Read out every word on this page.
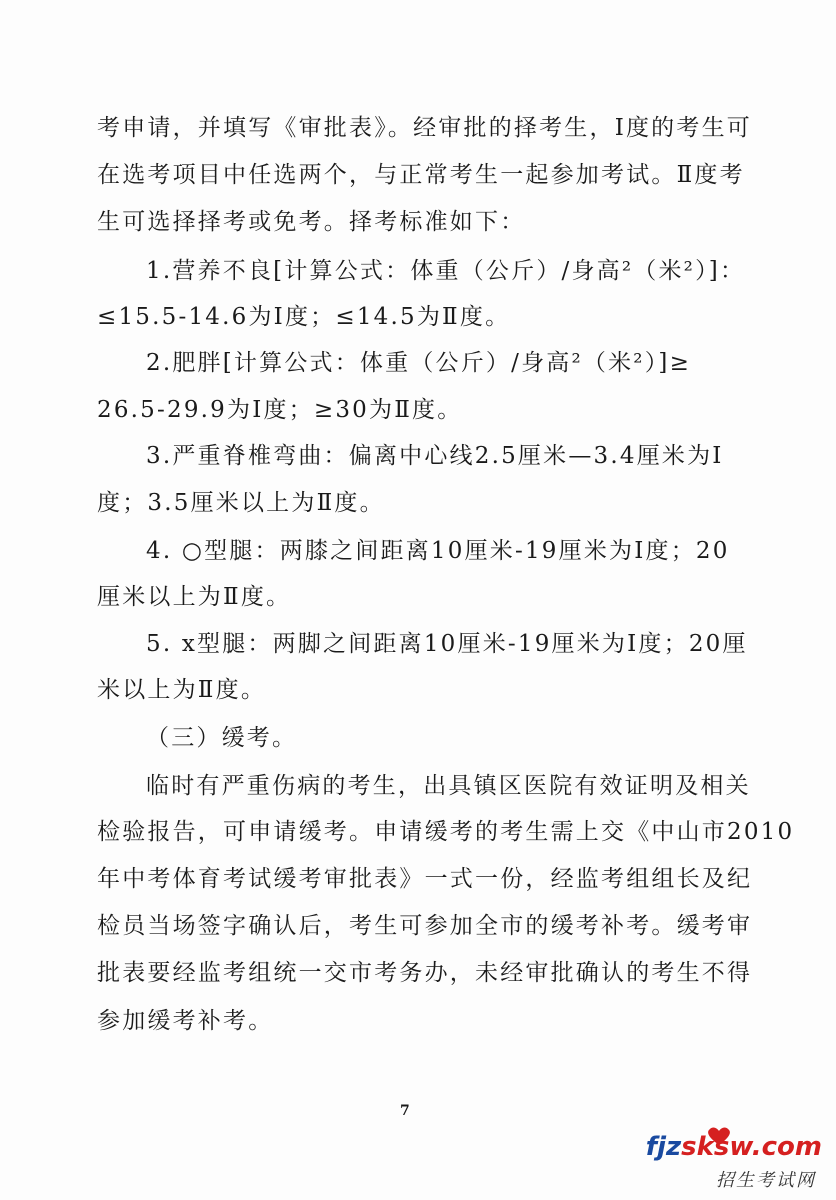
考申请，并填写《审批表》。经审批的择考生，Ⅰ度的考生可
在选考项目中任选两个，与正常考生一起参加考试。Ⅱ度考
生可选择择考或免考。择考标准如下：
1.营养不良[计算公式：体重（公斤）/身高²（米²）]：
≤15.5-14.6为Ⅰ度；≤14.5为Ⅱ度。
2.肥胖[计算公式：体重（公斤）/身高²（米²）]≥
26.5-29.9为Ⅰ度；≥30为Ⅱ度。
3.严重脊椎弯曲：偏离中心线2.5厘米—3.4厘米为Ⅰ
度；3.5厘米以上为Ⅱ度。
4. ○型腿：两膝之间距离10厘米-19厘米为Ⅰ度；20
厘米以上为Ⅱ度。
5. x型腿：两脚之间距离10厘米-19厘米为Ⅰ度；20厘
米以上为Ⅱ度。
（三）缓考。
临时有严重伤病的考生，出具镇区医院有效证明及相关
检验报告，可申请缓考。申请缓考的考生需上交《中山市2010
年中考体育考试缓考审批表》一式一份，经监考组组长及纪
检员当场签字确认后，考生可参加全市的缓考补考。缓考审
批表要经监考组统一交市考务办，未经审批确认的考生不得
参加缓考补考。
7
fjzsksw.com
招生考试网
